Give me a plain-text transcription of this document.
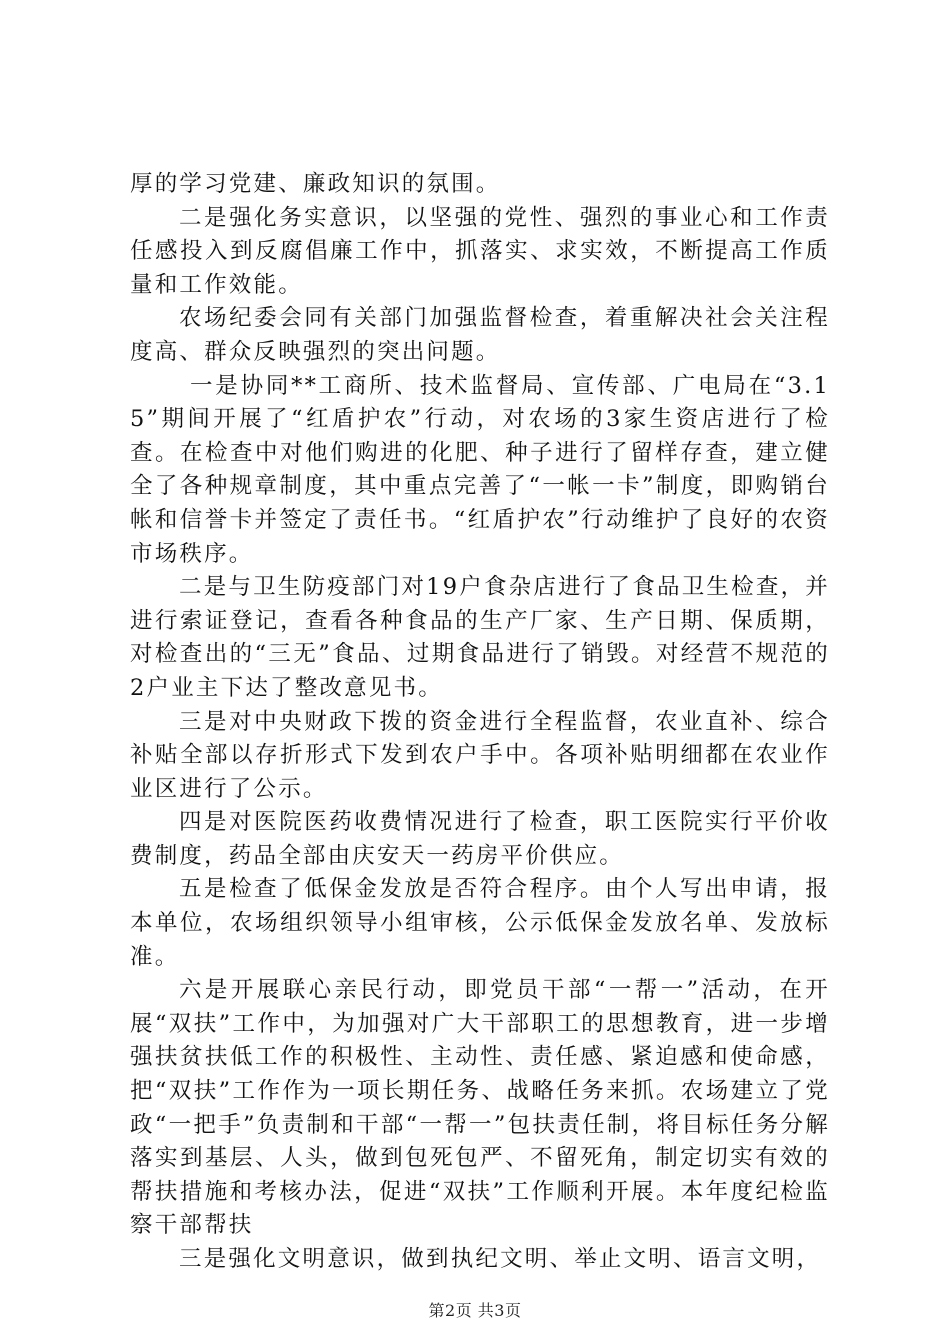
厚的学习党建、廉政知识的氛围。

二是强化务实意识，以坚强的党性、强烈的事业心和工作责任感投入到反腐倡廉工作中，抓落实、求实效，不断提高工作质量和工作效能。

农场纪委会同有关部门加强监督检查，着重解决社会关注程度高、群众反映强烈的突出问题。

一是协同**工商所、技术监督局、宣传部、广电局在“3.15”期间开展了“红盾护农”行动，对农场的3家生资店进行了检查。在检查中对他们购进的化肥、种子进行了留样存查，建立健全了各种规章制度，其中重点完善了“一帐一卡”制度，即购销台帐和信誉卡并签定了责任书。“红盾护农”行动维护了良好的农资市场秩序。

二是与卫生防疫部门对19户食杂店进行了食品卫生检查，并进行索证登记，查看各种食品的生产厂家、生产日期、保质期，对检查出的“三无”食品、过期食品进行了销毁。对经营不规范的2户业主下达了整改意见书。

三是对中央财政下拨的资金进行全程监督，农业直补、综合补贴全部以存折形式下发到农户手中。各项补贴明细都在农业作业区进行了公示。

四是对医院医药收费情况进行了检查，职工医院实行平价收费制度，药品全部由庆安天一药房平价供应。

五是检查了低保金发放是否符合程序。由个人写出申请，报本单位，农场组织领导小组审核，公示低保金发放名单、发放标准。

六是开展联心亲民行动，即党员干部“一帮一”活动，在开展“双扶”工作中，为加强对广大干部职工的思想教育，进一步增强扶贫扶低工作的积极性、主动性、责任感、紧迫感和使命感，把“双扶”工作作为一项长期任务、战略任务来抓。农场建立了党政“一把手”负责制和干部“一帮一”包扶责任制，将目标任务分解落实到基层、人头，做到包死包严、不留死角，制定切实有效的帮扶措施和考核办法，促进“双扶”工作顺利开展。本年度纪检监察干部帮扶

三是强化文明意识，做到执纪文明、举止文明、语言文明，

第2页 共3页
